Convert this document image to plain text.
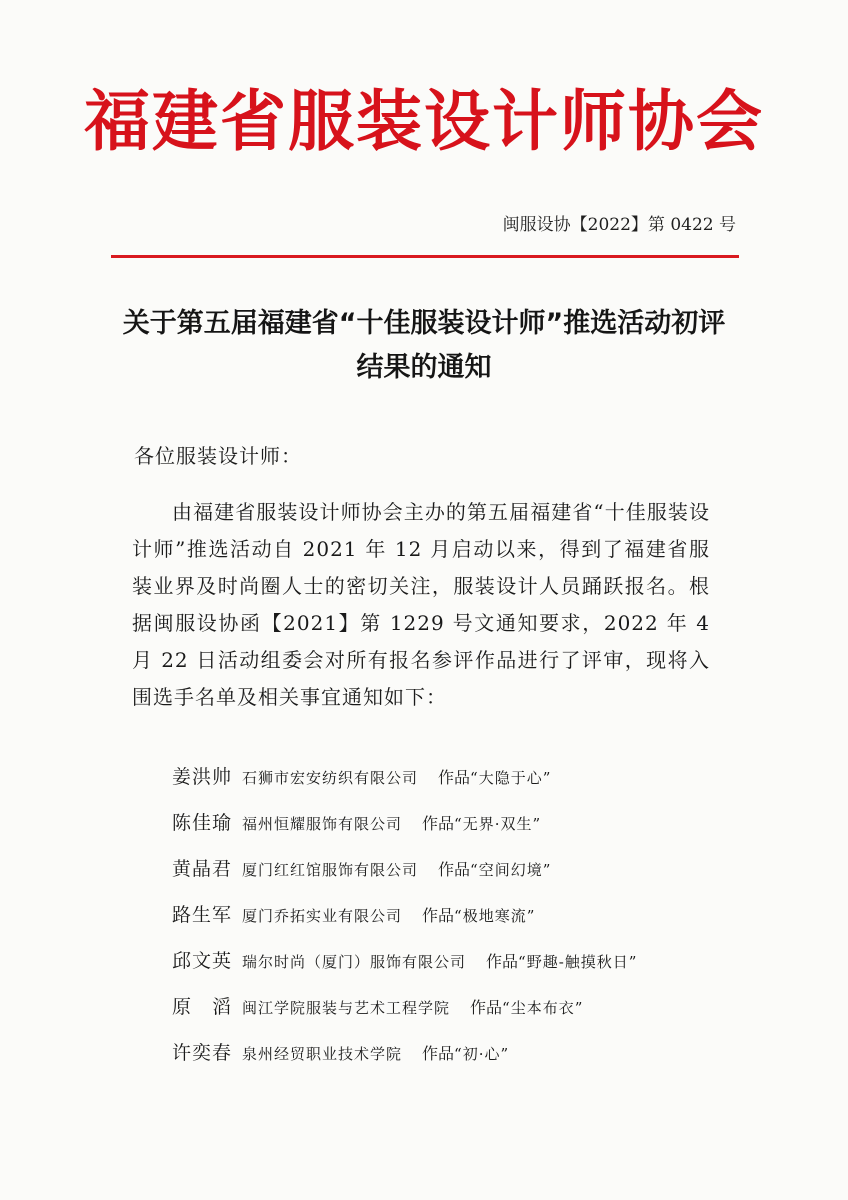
福建省服装设计师协会
闽服设协【2022】第 0422 号
关于第五届福建省“十佳服装设计师”推选活动初评结果的通知
各位服装设计师：
由福建省服装设计师协会主办的第五届福建省“十佳服装设计师”推选活动自 2021 年 12 月启动以来，得到了福建省服装业界及时尚圈人士的密切关注，服装设计人员踊跃报名。根据闽服设协函【2021】第 1229 号文通知要求，2022 年 4 月 22 日活动组委会对所有报名参评作品进行了评审，现将入围选手名单及相关事宜通知如下：
姜洪帅 石狮市宏安纺织有限公司 作品 “大隐于心”
陈佳瑜 福州恒耀服饰有限公司 作品 “无界·双生”
黄晶君 厦门红红馆服饰有限公司 作品 “空间幻境”
路生军 厦门乔拓实业有限公司 作品 “极地寒流”
邱文英 瑞尔时尚（厦门）服饰有限公司 作品 “野趣-触摸秋日”
原　滔 闽江学院服装与艺术工程学院 作品 “尘本布衣”
许奕春 泉州经贸职业技术学院 作品 “初·心”
